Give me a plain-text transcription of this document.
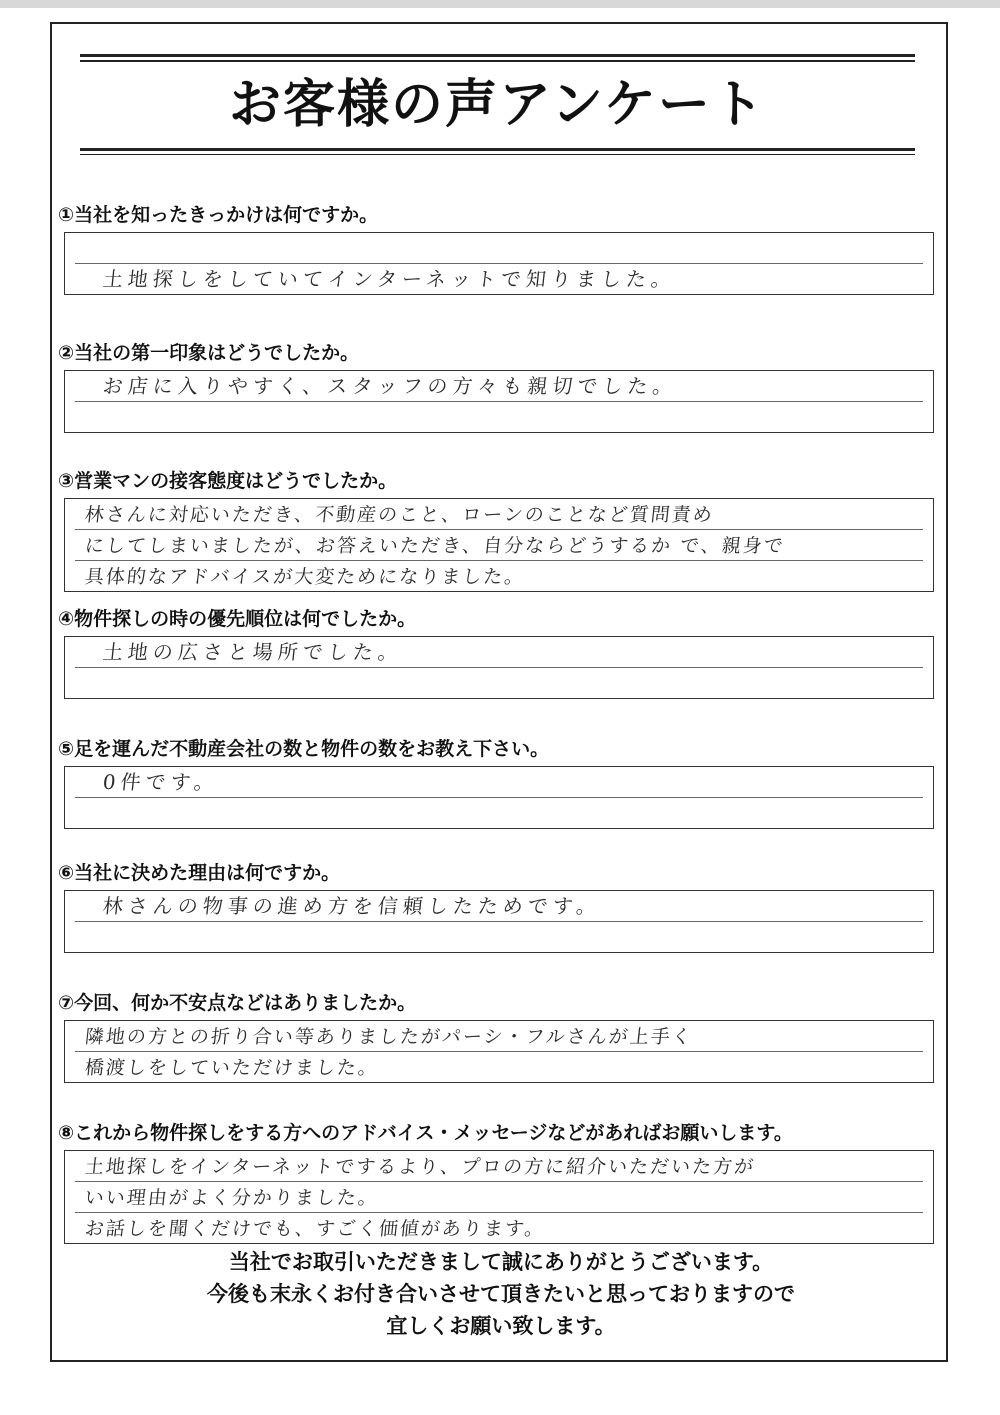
お客様の声アンケート
①当社を知ったきっかけは何ですか。
土地探しをしていてインターネットで知りました。
②当社の第一印象はどうでしたか。
お店に入りやすく、スタッフの方々も親切でした。
③営業マンの接客態度はどうでしたか。
林さんに対応いただき、不動産のこと、ローンのことなど質問責め
にしてしまいましたが、お答えいただき、自分ならどうするか で、親身で
具体的なアドバイスが大変ためになりました。
④物件探しの時の優先順位は何でしたか。
土地の広さと場所でした。
⑤足を運んだ不動産会社の数と物件の数をお教え下さい。
0件です。
⑥当社に決めた理由は何ですか。
林さんの物事の進め方を信頼したためです。
⑦今回、何か不安点などはありましたか。
隣地の方との折り合い等ありましたがパーシ・フルさんが上手く
橋渡しをしていただけました。
⑧これから物件探しをする方へのアドバイス・メッセージなどがあればお願いします。
土地探しをインターネットでするより、プロの方に紹介いただいた方が
いい理由がよく分かりました。
お話しを聞くだけでも、すごく価値があります。
当社でお取引いただきまして誠にありがとうございます。
今後も末永くお付き合いさせて頂きたいと思っておりますので
宜しくお願い致します。
